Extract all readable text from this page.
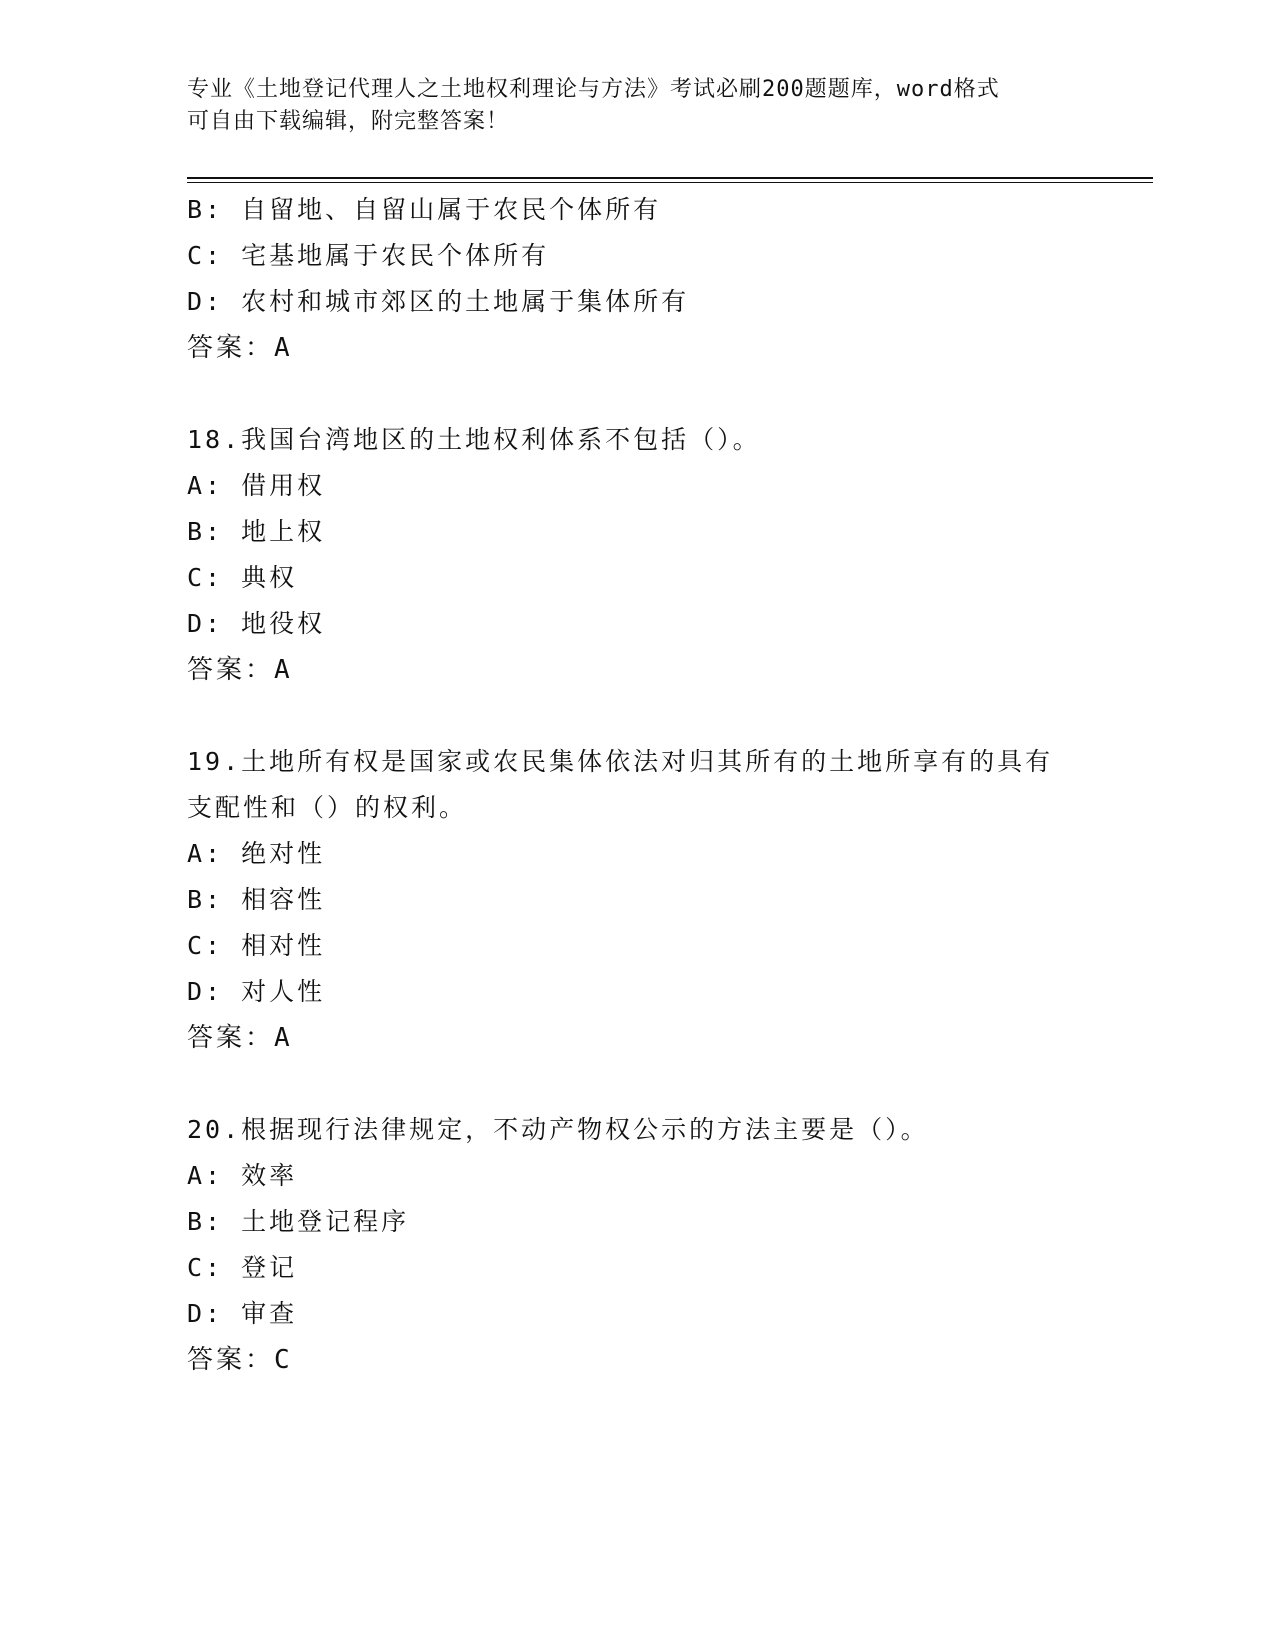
专业《土地登记代理人之土地权利理论与方法》考试必刷200题题库，word格式
可自由下载编辑，附完整答案！
B: 自留地、自留山属于农民个体所有
C: 宅基地属于农民个体所有
D: 农村和城市郊区的土地属于集体所有
答案：A
18.我国台湾地区的土地权利体系不包括（）。
A: 借用权
B: 地上权
C: 典权
D: 地役权
答案：A
19.土地所有权是国家或农民集体依法对归其所有的土地所享有的具有
支配性和（）的权利。
A: 绝对性
B: 相容性
C: 相对性
D: 对人性
答案：A
20.根据现行法律规定，不动产物权公示的方法主要是（）。
A: 效率
B: 土地登记程序
C: 登记
D: 审查
答案：C
